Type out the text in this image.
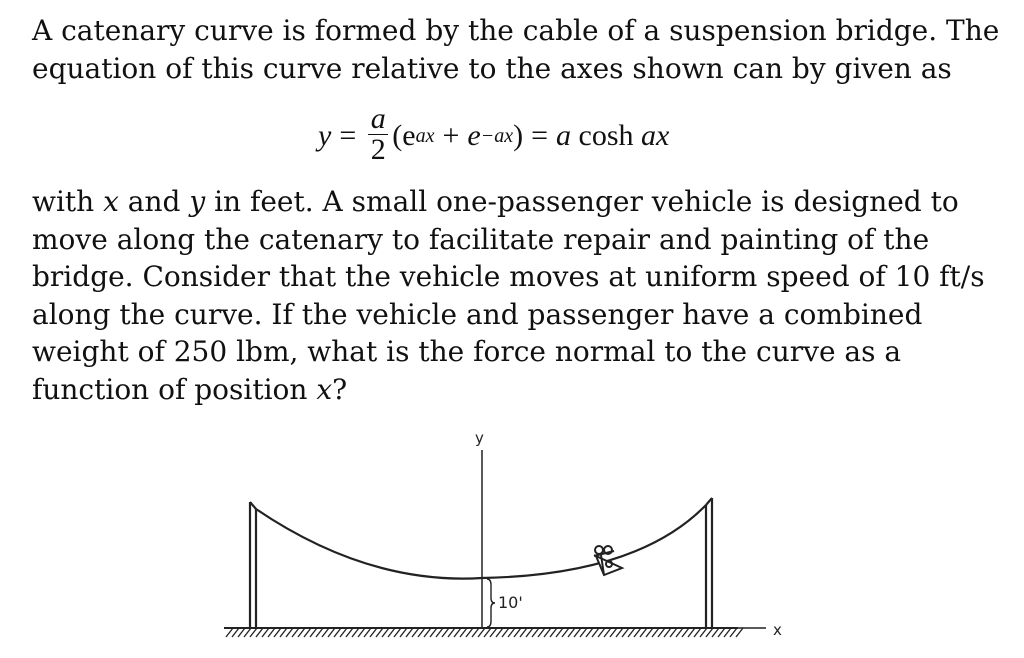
A catenary curve is formed by the cable of a suspension bridge. The
equation of this curve relative to the axes shown can by given as

$y = \frac{a}{2} (e$ ax + e −ax ) = a
cosh
ax

with x and y in feet. A small one-passenger vehicle is designed to
move along the catenary to facilitate repair and painting of the
bridge. Consider that the vehicle moves at uniform speed of 10 ft/s
along the curve. If the vehicle and passenger have a combined
weight of 250 lbm, what is the force normal to the curve as a
function of position x?

x
y
10'
